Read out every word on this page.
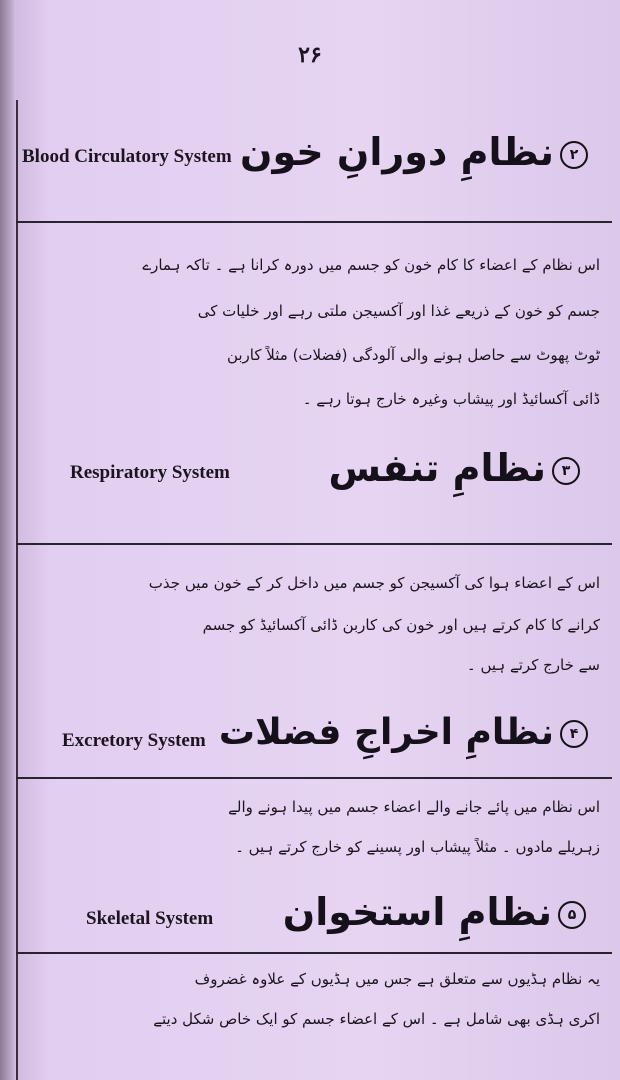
۲۶
Blood Circulatory System	۲نظامِ دورانِ خون
اس نظام کے اعضاء کا کام خون کو جسم میں دورہ کرانا ہے ۔ تاکہ ہمارے
جسم کو خون کے ذریعے غذا اور آکسیجن ملتی رہے اور خلیات کی
ٹوٹ پھوٹ سے حاصل ہونے والی آلودگی (فضلات) مثلاً کاربن
ڈائی آکسائیڈ اور پیشاب وغیرہ خارج ہوتا رہے ۔
Respiratory System	۳نظامِ تنفس
اس کے اعضاء ہوا کی آکسیجن کو جسم میں داخل کر کے خون میں جذب
کرانے کا کام کرتے ہیں اور خون کی کاربن ڈائی آکسائیڈ کو جسم
سے خارج کرتے ہیں ۔
Excretory System	۴نظامِ اخراجِ فضلات
اس نظام میں پائے جانے والے اعضاء جسم میں پیدا ہونے والے
زہریلے مادوں ۔ مثلاً پیشاب اور پسینے کو خارج کرتے ہیں ۔
Skeletal System	۵نظامِ استخوان
یہ نظام ہڈیوں سے متعلق ہے جس میں ہڈیوں کے علاوہ غضروف
اکری ہڈی بھی شامل ہے ۔ اس کے اعضاء جسم کو ایک خاص شکل دیتے
